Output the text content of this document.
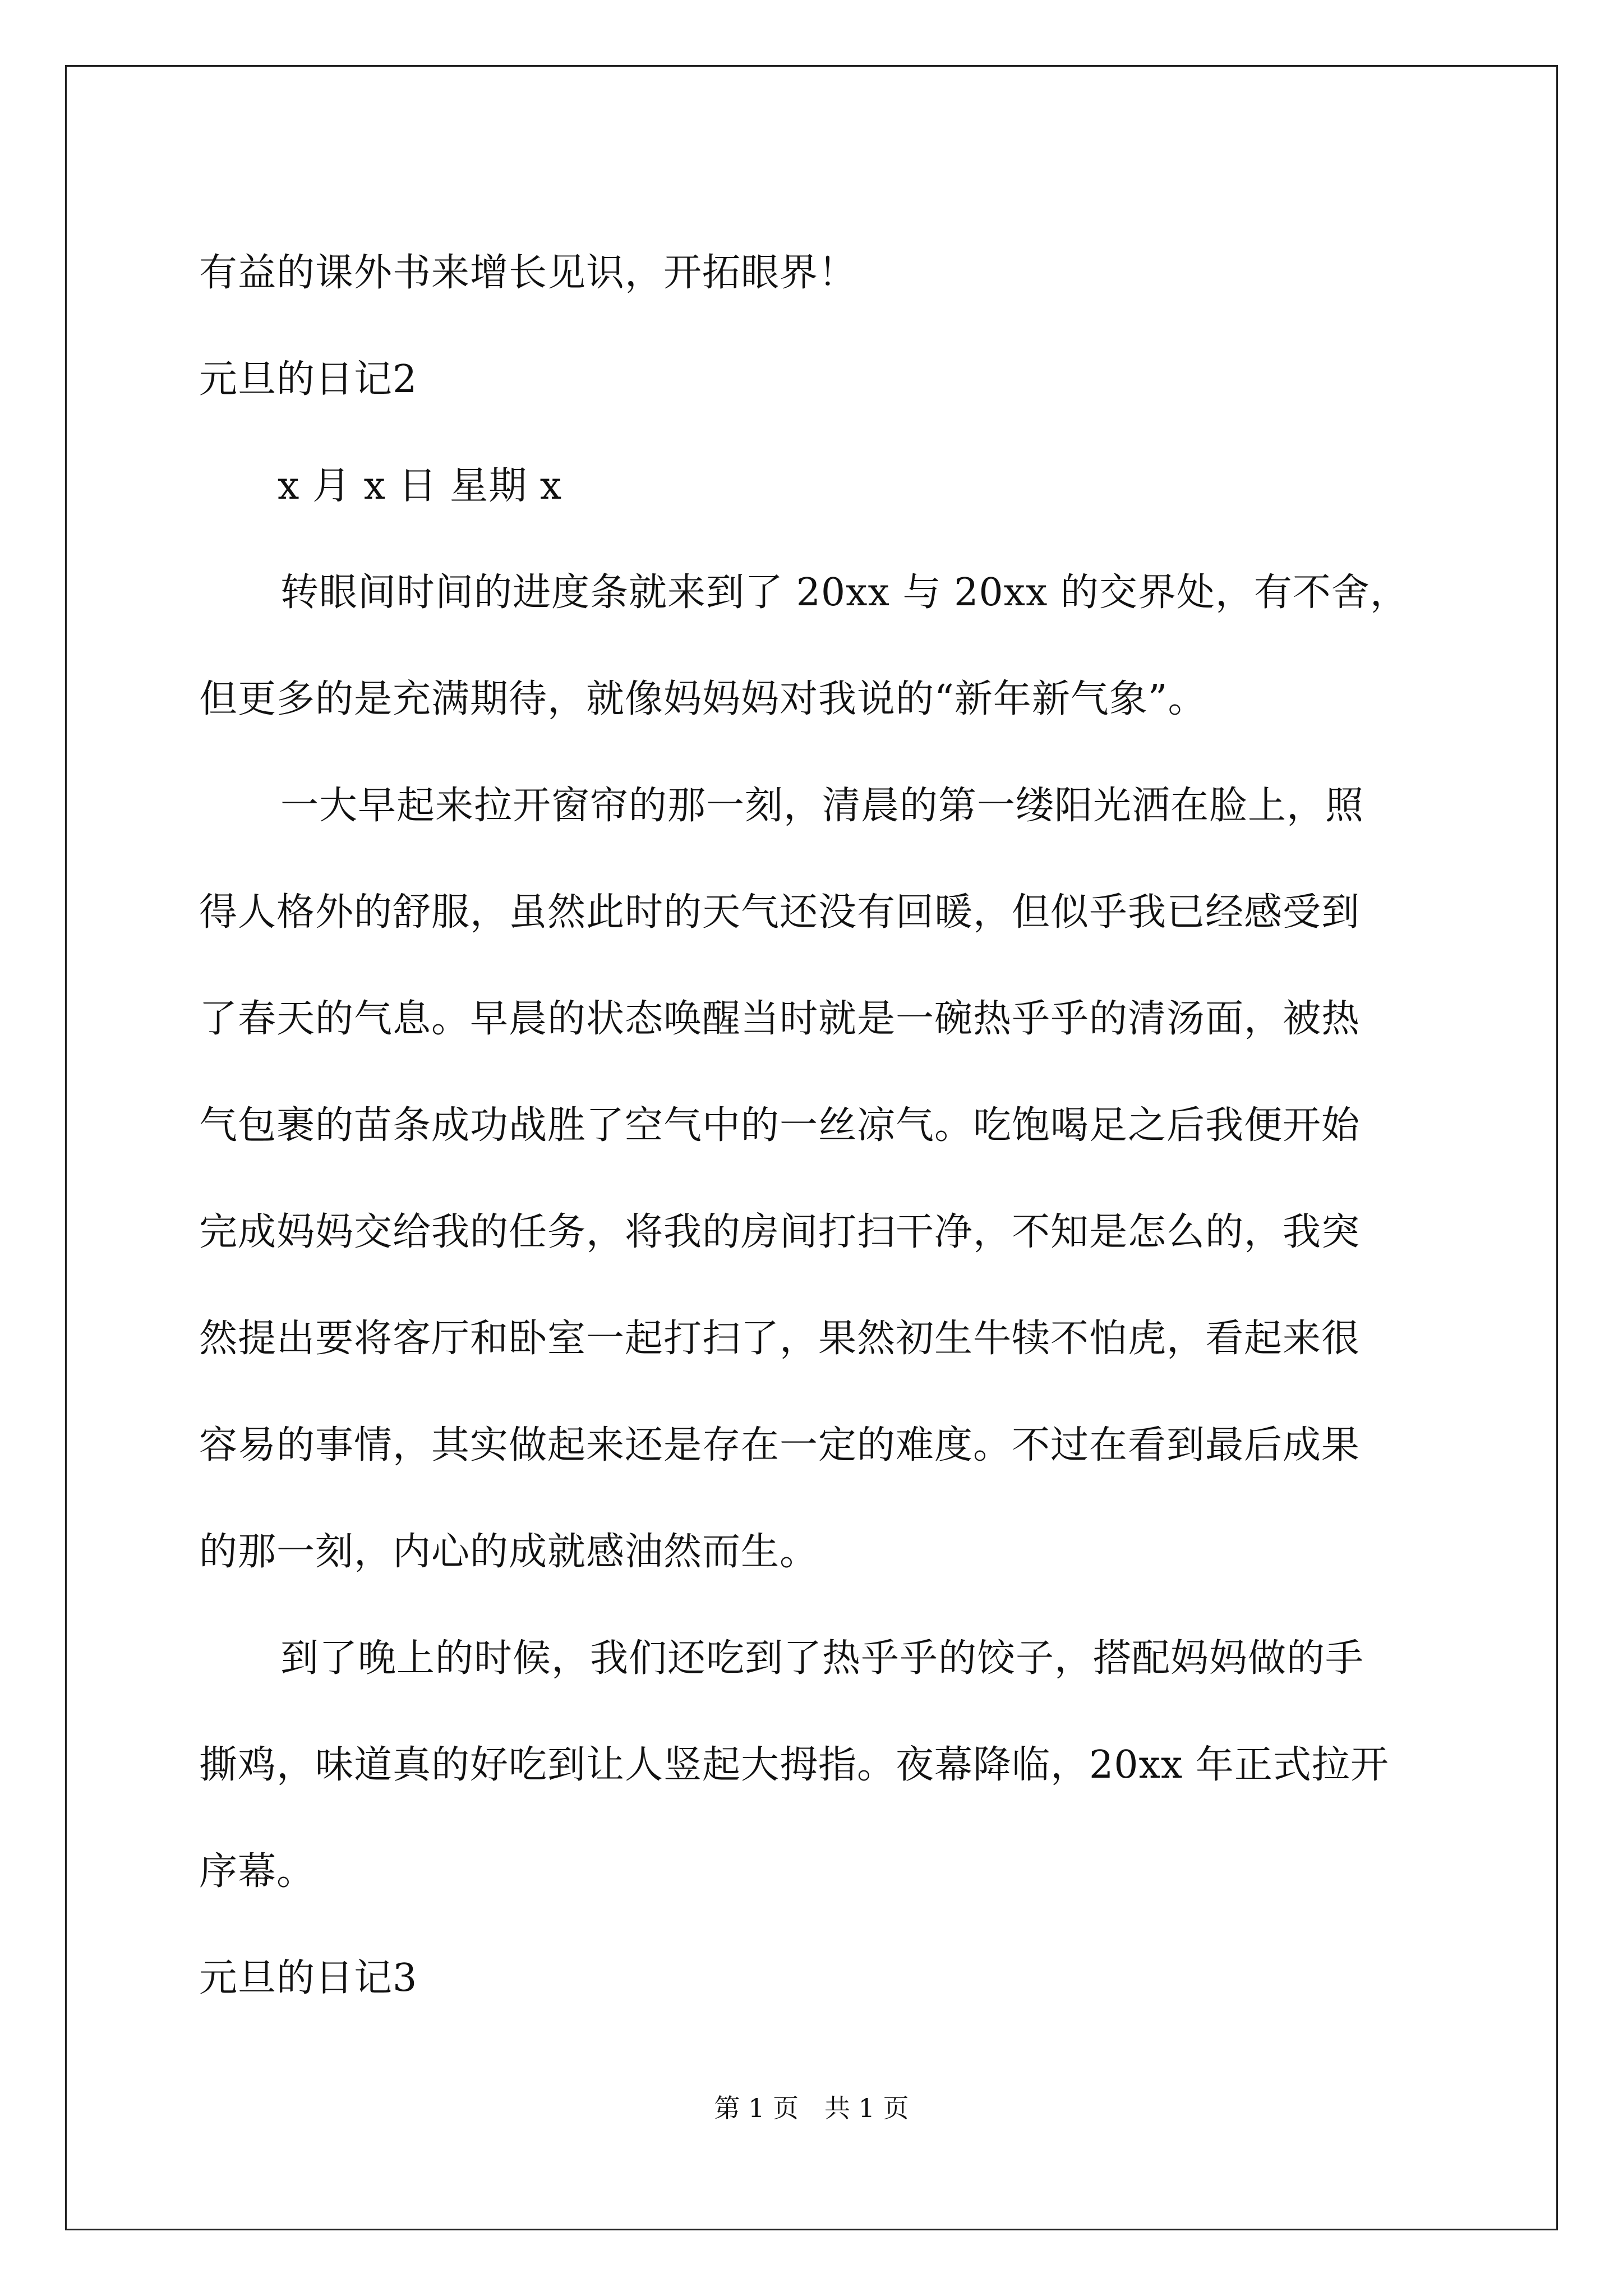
有益的课外书来增长见识，开拓眼界！
元旦的日记2
x 月 x 日 星期 x
转眼间时间的进度条就来到了 20xx 与 20xx 的交界处，有不舍，
但更多的是充满期待，就像妈妈妈对我说的“新年新气象”。
一大早起来拉开窗帘的那一刻，清晨的第一缕阳光洒在脸上，照
得人格外的舒服，虽然此时的天气还没有回暖，但似乎我已经感受到
了春天的气息。早晨的状态唤醒当时就是一碗热乎乎的清汤面，被热
气包裹的苗条成功战胜了空气中的一丝凉气。吃饱喝足之后我便开始
完成妈妈交给我的任务，将我的房间打扫干净，不知是怎么的，我突
然提出要将客厅和卧室一起打扫了，果然初生牛犊不怕虎，看起来很
容易的事情，其实做起来还是存在一定的难度。不过在看到最后成果
的那一刻，内心的成就感油然而生。
到了晚上的时候，我们还吃到了热乎乎的饺子，搭配妈妈做的手
撕鸡，味道真的好吃到让人竖起大拇指。夜幕降临，20xx 年正式拉开
序幕。
元旦的日记3
第 1 页 共 1 页
